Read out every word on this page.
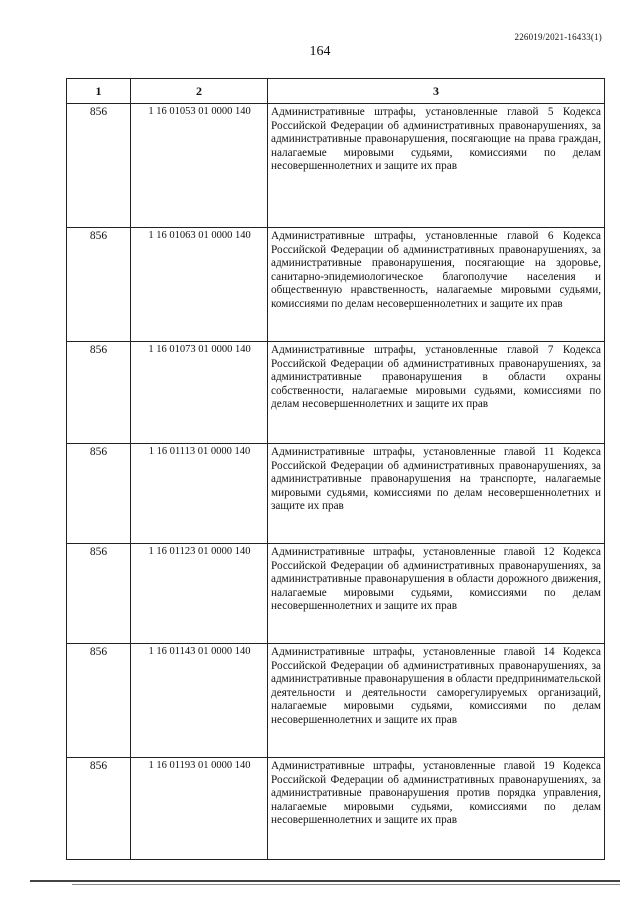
226019/2021-16433(1)
164
1	2	3
856	1 16 01053 01 0000 140	Административные штрафы, установленные главой 5 Кодекса Российской Федерации об административных правонарушениях, за административные правонарушения, посягающие на права граждан, налагаемые мировыми судьями, комиссиями по делам несовершеннолетних и защите их прав
856	1 16 01063 01 0000 140	Административные штрафы, установленные главой 6 Кодекса Российской Федерации об административных правонарушениях, за административные правонарушения, посягающие на здоровье, санитарно-эпидемиологическое благополучие населения и общественную нравственность, налагаемые мировыми судьями, комиссиями по делам несовершеннолетних и защите их прав
856	1 16 01073 01 0000 140	Административные штрафы, установленные главой 7 Кодекса Российской Федерации об административных правонарушениях, за административные правонарушения в области охраны собственности, налагаемые мировыми судьями, комиссиями по делам несовершеннолетних и защите их прав
856	1 16 01113 01 0000 140	Административные штрафы, установленные главой 11 Кодекса Российской Федерации об административных правонарушениях, за административные правонарушения на транспорте, налагаемые мировыми судьями, комиссиями по делам несовершеннолетних и защите их прав
856	1 16 01123 01 0000 140	Административные штрафы, установленные главой 12 Кодекса Российской Федерации об административных правонарушениях, за административные правонарушения в области дорожного движения, налагаемые мировыми судьями, комиссиями по делам несовершеннолетних и защите их прав
856	1 16 01143 01 0000 140	Административные штрафы, установленные главой 14 Кодекса Российской Федерации об административных правонарушениях, за административные правонарушения в области предпринимательской деятельности и деятельности саморегулируемых организаций, налагаемые мировыми судьями, комиссиями по делам несовершеннолетних и защите их прав
856	1 16 01193 01 0000 140	Административные штрафы, установленные главой 19 Кодекса Российской Федерации об административных правонарушениях, за административные правонарушения против порядка управления, налагаемые мировыми судьями, комиссиями по делам несовершеннолетних и защите их прав
